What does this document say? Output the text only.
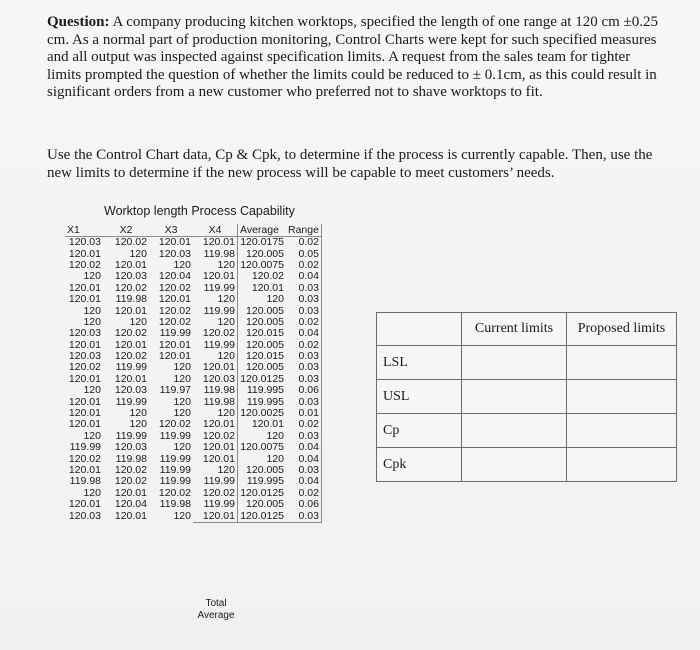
Question: A company producing kitchen worktops, specified the length of one range at 120 cm ±0.25 cm. As a normal part of production monitoring, Control Charts were kept for such specified measures and all output was inspected against specification limits. A request from the sales team for tighter limits prompted the question of whether the limits could be reduced to ± 0.1cm, as this could result in significant orders from a new customer who preferred not to shave worktops to fit.
Use the Control Chart data, Cp & Cpk, to determine if the process is currently capable. Then, use the new limits to determine if the new process will be capable to meet customers’ needs.
Worktop length Process Capability
X1	X2	X3	X4	Average	Range
120.03	120.02	120.01	120.01	120.0175	0.02
120.01	120	120.03	119.98	120.005	0.05
120.02	120.01	120	120	120.0075	0.02
120	120.03	120.04	120.01	120.02	0.04
120.01	120.02	120.02	119.99	120.01	0.03
120.01	119.98	120.01	120	120	0.03
120	120.01	120.02	119.99	120.005	0.03
120	120	120.02	120	120.005	0.02
120.03	120.02	119.99	120.02	120.015	0.04
120.01	120.01	120.01	119.99	120.005	0.02
120.03	120.02	120.01	120	120.015	0.03
120.02	119.99	120	120.01	120.005	0.03
120.01	120.01	120	120.03	120.0125	0.03
120	120.03	119.97	119.98	119.995	0.06
120.01	119.99	120	119.98	119.995	0.03
120.01	120	120	120	120.0025	0.01
120.01	120	120.02	120.01	120.01	0.02
120	119.99	119.99	120.02	120	0.03
119.99	120.03	120	120.01	120.0075	0.04
120.02	119.98	119.99	120.01	120	0.04
120.01	120.02	119.99	120	120.005	0.03
119.98	120.02	119.99	119.99	119.995	0.04
120	120.01	120.02	120.02	120.0125	0.02
120.01	120.04	119.98	119.99	120.005	0.06
120.03	120.01	120	120.01	120.0125	0.03
Total
Average
	Current limits	Proposed limits
LSL		
USL		
Cp		
Cpk		
